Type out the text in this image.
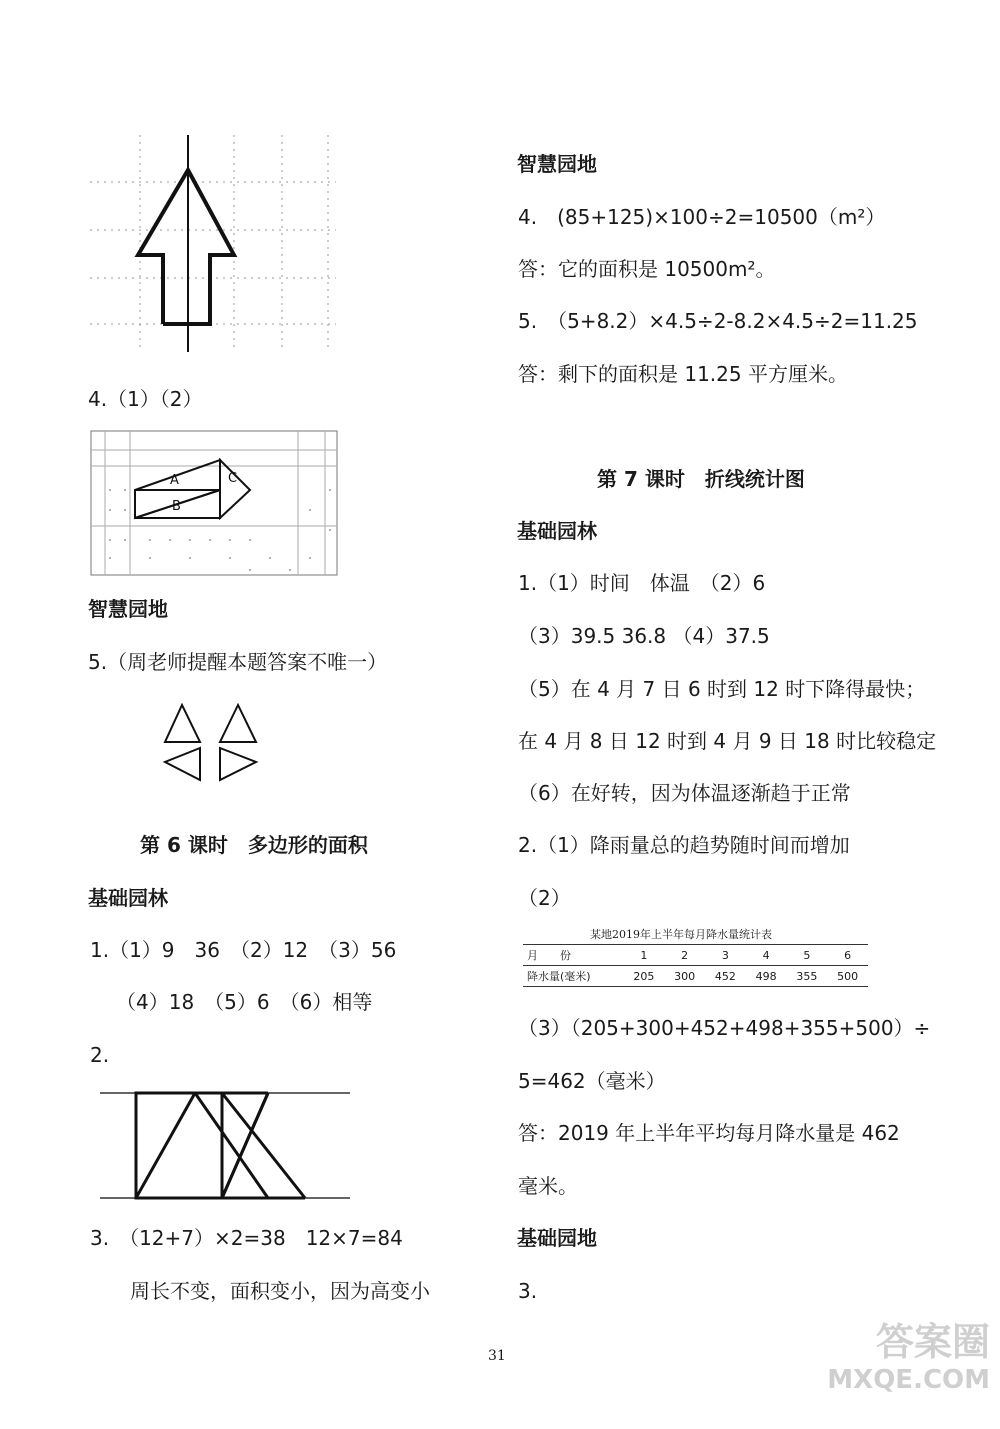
4.（1）（2）
A
B
C
智慧园地
5.（周老师提醒本题答案不唯一）
第 6 课时　多边形的面积
基础园林
1.（1）9　36　（2）12　（3）56
（4）18　（5）6　（6）相等
2.
3.　（12+7）×2=38　12×7=84
周长不变，面积变小，因为高变小
智慧园地
4.　(85+125)×100÷2=10500（m²）
答：它的面积是 10500m²。
5.　（5+8.2）×4.5÷2-8.2×4.5÷2=11.25
答：剩下的面积是 11.25 平方厘米。
第 7 课时　折线统计图
基础园林
1.（1）时间　体温　（2）6
（3）39.5 36.8 （4）37.5
（5）在 4 月 7 日 6 时到 12 时下降得最快；
在 4 月 8 日 12 时到 4 月 9 日 18 时比较稳定
（6）在好转，因为体温逐渐趋于正常
2.（1）降雨量总的趋势随时间而增加
（2）
某地2019年上半年每月降水量统计表
月　　份	1	2	3	4	5	6
降水量(毫米)	205	300	452	498	355	500
（3）（205+300+452+498+355+500）÷
5=462（毫米）
答：2019 年上半年平均每月降水量是 462
毫米。
基础园地
3.
31	答案圈
MXQE.COM
